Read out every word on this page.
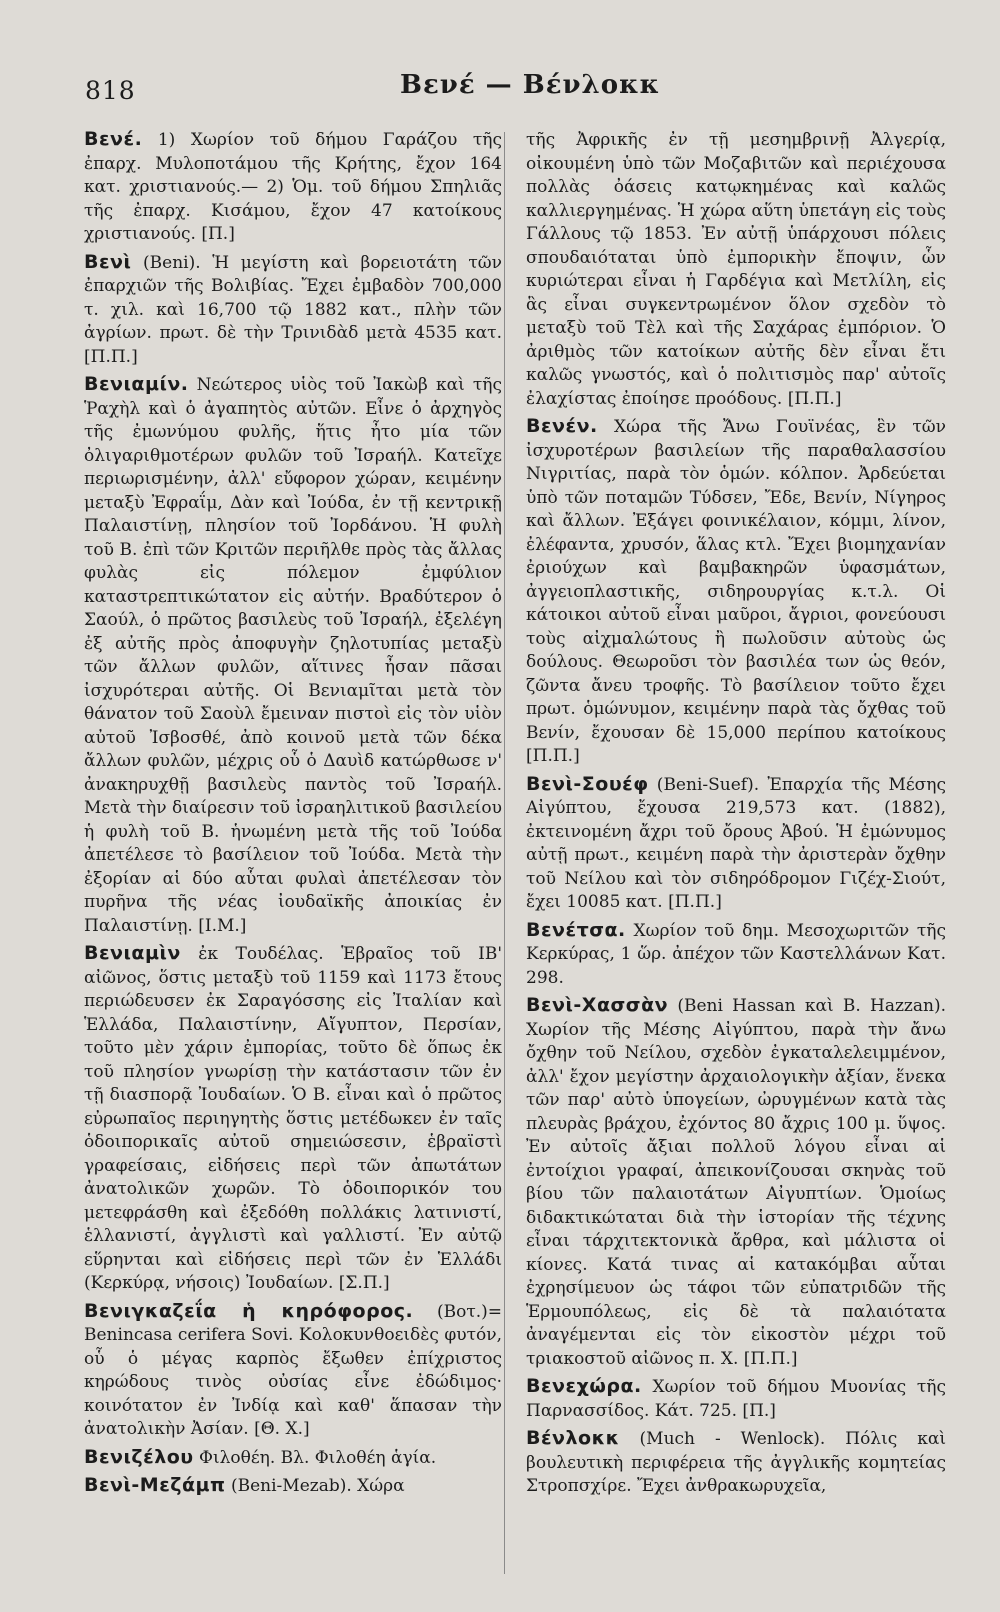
818	Βενέ — Βένλοκκ

Βενέ. 1) Χωρίον τοῦ δήμου Γαράζου τῆς ἐπαρχ. Μυλοποτάμου τῆς Κρήτης, ἔχον 164 κατ. χριστιανούς.— 2) Ὁμ. τοῦ δήμου Σπηλιᾶς τῆς ἐπαρχ. Κισάμου, ἔχον 47 κατοίκους χριστιανούς. [Π.]

Βενὶ (Beni). Ἡ μεγίστη καὶ βορειοτάτη τῶν ἐπαρχιῶν τῆς Βολιβίας. Ἔχει ἐμβαδὸν 700,000 τ. χιλ. καὶ 16,700 τῷ 1882 κατ., πλὴν τῶν ἀγρίων. πρωτ. δὲ τὴν Τρινιδὰδ μετὰ 4535 κατ. [Π.Π.]

Βενιαμίν. Νεώτερος υἱὸς τοῦ Ἰακὼβ καὶ τῆς Ῥαχὴλ καὶ ὁ ἀγαπητὸς αὐτῶν. Εἶνε ὁ ἀρχηγὸς τῆς ἐμωνύμου φυλῆς, ἥτις ἦτο μία τῶν ὀλιγαριθμοτέρων φυλῶν τοῦ Ἰσραήλ. Κατεῖχε περιωρισμένην, ἀλλ' εὔφορον χώραν, κειμένην μεταξὺ Ἐφραΐμ, Δὰν καὶ Ἰούδα, ἐν τῇ κεντρικῇ Παλαιστίνῃ, πλησίον τοῦ Ἰορδάνου. Ἡ φυλὴ τοῦ Β. ἐπὶ τῶν Κριτῶν περιῆλθε πρὸς τὰς ἄλλας φυλὰς εἰς πόλεμον ἐμφύλιον καταστρεπτικώτατον εἰς αὐτήν. Βραδύτερον ὁ Σαούλ, ὁ πρῶτος βασιλεὺς τοῦ Ἰσραήλ, ἐξελέγη ἐξ αὐτῆς πρὸς ἀποφυγὴν ζηλοτυπίας μεταξὺ τῶν ἄλλων φυλῶν, αἵτινες ἦσαν πᾶσαι ἰσχυρότεραι αὐτῆς. Οἱ Βενιαμῖται μετὰ τὸν θάνατον τοῦ Σαοὺλ ἔμειναν πιστοὶ εἰς τὸν υἱὸν αὐτοῦ Ἰσβοσθέ, ἀπὸ κοινοῦ μετὰ τῶν δέκα ἄλλων φυλῶν, μέχρις οὗ ὁ Δαυὶδ κατώρθωσε ν' ἀνακηρυχθῇ βασιλεὺς παντὸς τοῦ Ἰσραήλ. Μετὰ τὴν διαίρεσιν τοῦ ἰσραηλιτικοῦ βασιλείου ἡ φυλὴ τοῦ Β. ἡνωμένη μετὰ τῆς τοῦ Ἰούδα ἀπετέλεσε τὸ βασίλειον τοῦ Ἰούδα. Μετὰ τὴν ἐξορίαν αἱ δύο αὗται φυλαὶ ἀπετέλεσαν τὸν πυρῆνα τῆς νέας ἰουδαϊκῆς ἀποικίας ἐν Παλαιστίνῃ. [Ι.Μ.]

Βενιαμὶν ἐκ Τουδέλας. Ἑβραῖος τοῦ ΙΒ' αἰῶνος, ὅστις μεταξὺ τοῦ 1159 καὶ 1173 ἔτους περιώδευσεν ἐκ Σαραγόσσης εἰς Ἰταλίαν καὶ Ἑλλάδα, Παλαιστίνην, Αἴγυπτον, Περσίαν, τοῦτο μὲν χάριν ἐμπορίας, τοῦτο δὲ ὅπως ἐκ τοῦ πλησίον γνωρίσῃ τὴν κατάστασιν τῶν ἐν τῇ διασπορᾷ Ἰουδαίων. Ὁ Β. εἶναι καὶ ὁ πρῶτος εὐρωπαῖος περιηγητὴς ὅστις μετέδωκεν ἐν ταῖς ὁδοιπορικαῖς αὐτοῦ σημειώσεσιν, ἑβραϊστὶ γραφείσαις, εἰδήσεις περὶ τῶν ἀπωτάτων ἀνατολικῶν χωρῶν. Τὸ ὁδοιπορικόν του μετεφράσθη καὶ ἐξεδόθη πολλάκις λατινιστί, ἑλλανιστί, ἀγγλιστὶ καὶ γαλλιστί. Ἐν αὐτῷ εὕρηνται καὶ εἰδήσεις περὶ τῶν ἐν Ἑλλάδι (Κερκύρᾳ, νήσοις) Ἰουδαίων. [Σ.Π.]

Βενιγκαζεΐα ἡ κηρόφορος. (Βοτ.)= Benincasa cerifera Sovi. Κολοκυνθοειδὲς φυτόν, οὗ ὁ μέγας καρπὸς ἔξωθεν ἐπίχριστος κηρώδους τινὸς οὐσίας εἶνε ἐδώδιμος· κοινότατον ἐν Ἰνδίᾳ καὶ καθ' ἅπασαν τὴν ἀνατολικὴν Ἀσίαν. [Θ. Χ.]

Βενιζέλου Φιλοθέη. Βλ. Φιλοθέη ἁγία.

Βενὶ-Μεζάμπ (Beni-Mezab). Χώρα

τῆς Ἀφρικῆς ἐν τῇ μεσημβρινῇ Ἀλγερίᾳ, οἰκουμένη ὑπὸ τῶν Μοζαβιτῶν καὶ περιέχουσα πολλὰς ὀάσεις κατῳκημένας καὶ καλῶς καλλιεργημένας. Ἡ χώρα αὕτη ὑπετάγη εἰς τοὺς Γάλλους τῷ 1853. Ἐν αὐτῇ ὑπάρχουσι πόλεις σπουδαιόταται ὑπὸ ἐμπορικὴν ἔποψιν, ὧν κυριώτεραι εἶναι ἡ Γαρδέγια καὶ Μετλίλη, εἰς ἃς εἶναι συγκεντρωμένον ὅλον σχεδὸν τὸ μεταξὺ τοῦ Τὲλ καὶ τῆς Σαχάρας ἐμπόριον. Ὁ ἀριθμὸς τῶν κατοίκων αὐτῆς δὲν εἶναι ἔτι καλῶς γνωστός, καὶ ὁ πολιτισμὸς παρ' αὐτοῖς ἐλαχίστας ἐποίησε προόδους. [Π.Π.]

Βενέν. Χώρα τῆς Ἄνω Γουϊνέας, ἓν τῶν ἰσχυροτέρων βασιλείων τῆς παραθαλασσίου Νιγριτίας, παρὰ τὸν ὁμών. κόλπον. Ἀρδεύεται ὑπὸ τῶν ποταμῶν Τύδσεν, Ἔδε, Βενίν, Νίγηρος καὶ ἄλλων. Ἐξάγει φοινικέλαιον, κόμμι, λίνον, ἐλέφαντα, χρυσόν, ἅλας κτλ. Ἔχει βιομηχανίαν ἐριούχων καὶ βαμβακηρῶν ὑφασμάτων, ἀγγειοπλαστικῆς, σιδηρουργίας κ.τ.λ. Οἱ κάτοικοι αὐτοῦ εἶναι μαῦροι, ἄγριοι, φονεύουσι τοὺς αἰχμαλώτους ἢ πωλοῦσιν αὐτοὺς ὡς δούλους. Θεωροῦσι τὸν βασιλέα των ὡς θεόν, ζῶντα ἄνευ τροφῆς. Τὸ βασίλειον τοῦτο ἔχει πρωτ. ὁμώνυμον, κειμένην παρὰ τὰς ὄχθας τοῦ Βενίν, ἔχουσαν δὲ 15,000 περίπου κατοίκους [Π.Π.]

Βενὶ-Σουέφ (Beni-Suef). Ἐπαρχία τῆς Μέσης Αἰγύπτου, ἔχουσα 219,573 κατ. (1882), ἐκτεινομένη ἄχρι τοῦ ὄρους Ἀβού. Ἡ ἐμώνυμος αὐτῇ πρωτ., κειμένη παρὰ τὴν ἀριστερὰν ὄχθην τοῦ Νείλου καὶ τὸν σιδηρόδρομον Γιζέχ-Σιούτ, ἔχει 10085 κατ. [Π.Π.]

Βενέτσα. Χωρίον τοῦ δημ. Μεσοχωριτῶν τῆς Κερκύρας, 1 ὥρ. ἀπέχον τῶν Καστελλάνων Κατ. 298.

Βενὶ-Χασσὰν (Beni Hassan καὶ B. Hazzan). Χωρίον τῆς Μέσης Αἰγύπτου, παρὰ τὴν ἄνω ὄχθην τοῦ Νείλου, σχεδὸν ἐγκαταλελειμμένον, ἀλλ' ἔχον μεγίστην ἀρχαιολογικὴν ἀξίαν, ἕνεκα τῶν παρ' αὐτὸ ὑπογείων, ὠρυγμένων κατὰ τὰς πλευρὰς βράχου, ἐχόντος 80 ἄχρις 100 μ. ὕψος. Ἐν αὐτοῖς ἄξιαι πολλοῦ λόγου εἶναι αἱ ἐντοίχιοι γραφαί, ἀπεικονίζουσαι σκηνὰς τοῦ βίου τῶν παλαιοτάτων Αἰγυπτίων. Ὁμοίως διδακτικώταται διὰ τὴν ἱστορίαν τῆς τέχνης εἶναι τάρχιτεκτονικὰ ἄρθρα, καὶ μάλιστα οἱ κίονες. Κατά τινας αἱ κατακόμβαι αὗται ἐχρησίμευον ὡς τάφοι τῶν εὐπατριδῶν τῆς Ἑρμουπόλεως, εἰς δὲ τὰ παλαιότατα ἀναγέμενται εἰς τὸν εἰκοστὸν μέχρι τοῦ τριακοστοῦ αἰῶνος π. Χ. [Π.Π.]

Βενεχώρα. Χωρίον τοῦ δήμου Μυονίας τῆς Παρνασσίδος. Κάτ. 725. [Π.]

Βένλοκκ (Much - Wenlock). Πόλις καὶ βουλευτικὴ περιφέρεια τῆς ἀγγλικῆς κομητείας Στροπσχίρε. Ἔχει ἀνθρακωρυχεῖα,
